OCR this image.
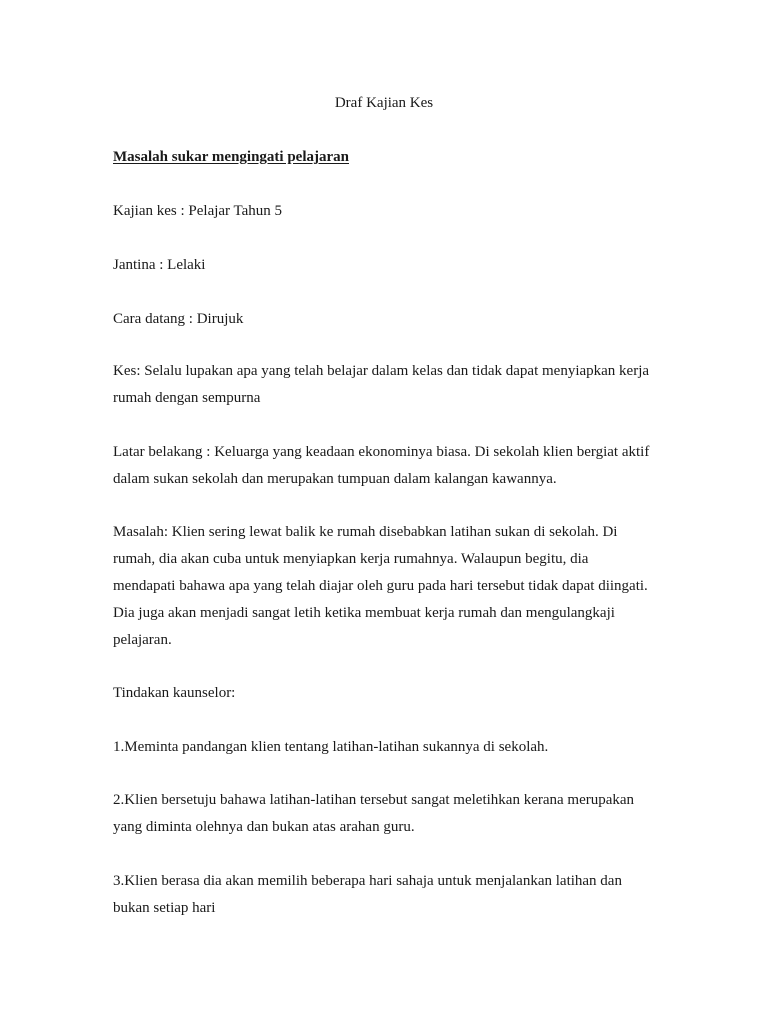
Draf Kajian Kes
Masalah sukar mengingati pelajaran
Kajian kes : Pelajar Tahun 5
Jantina : Lelaki
Cara datang : Dirujuk
Kes: Selalu lupakan apa yang telah belajar dalam kelas dan tidak dapat menyiapkan kerja
rumah dengan sempurna
Latar belakang : Keluarga yang keadaan ekonominya biasa. Di sekolah klien bergiat aktif
dalam sukan sekolah dan merupakan tumpuan dalam kalangan kawannya.
Masalah: Klien sering lewat balik ke rumah disebabkan latihan sukan di sekolah. Di
rumah, dia akan cuba untuk menyiapkan kerja rumahnya. Walaupun begitu, dia
mendapati bahawa apa yang telah diajar oleh guru pada hari tersebut tidak dapat diingati.
Dia juga akan menjadi sangat letih ketika membuat kerja rumah dan mengulangkaji
pelajaran.
Tindakan kaunselor:
1.Meminta pandangan klien tentang latihan-latihan sukannya di sekolah.
2.Klien bersetuju bahawa latihan-latihan tersebut sangat meletihkan kerana merupakan
yang diminta olehnya dan bukan atas arahan guru.
3.Klien berasa dia akan memilih beberapa hari sahaja untuk menjalankan latihan dan
bukan setiap hari
